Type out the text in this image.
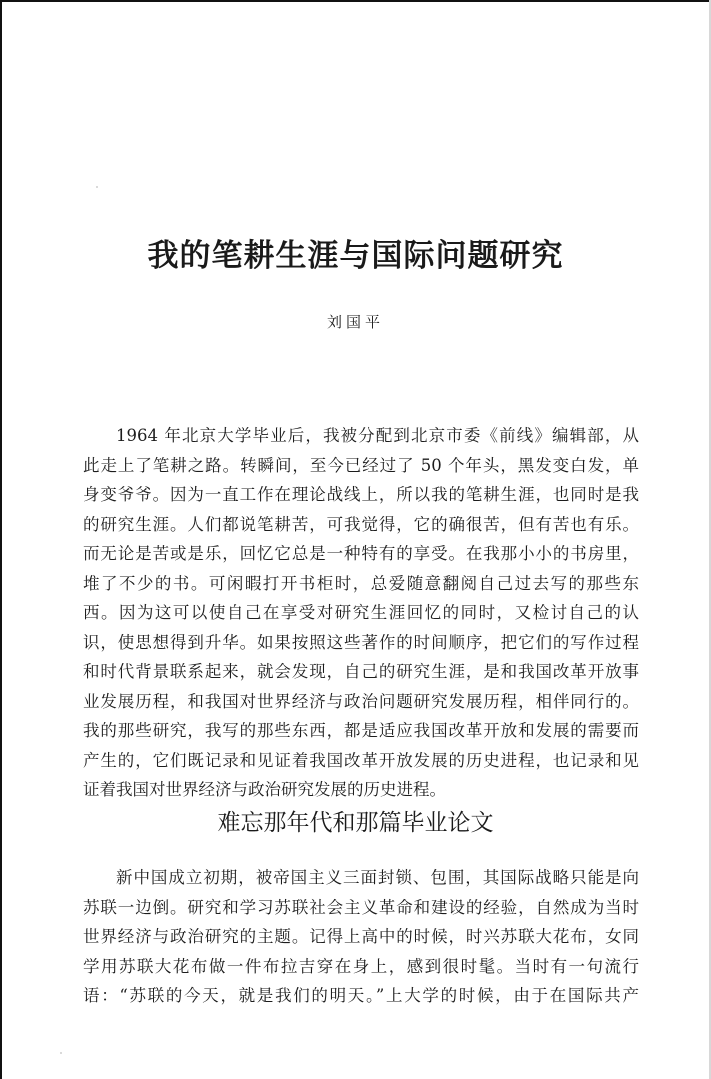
我的笔耕生涯与国际问题研究
刘国平
1964 年北京大学毕业后，我被分配到北京市委《前线》编辑部，从
此走上了笔耕之路。转瞬间，至今已经过了 50 个年头，黑发变白发，单
身变爷爷。因为一直工作在理论战线上，所以我的笔耕生涯，也同时是我
的研究生涯。人们都说笔耕苦，可我觉得，它的确很苦，但有苦也有乐。
而无论是苦或是乐，回忆它总是一种特有的享受。在我那小小的书房里，
堆了不少的书。可闲暇打开书柜时，总爱随意翻阅自己过去写的那些东
西。因为这可以使自己在享受对研究生涯回忆的同时，又检讨自己的认
识，使思想得到升华。如果按照这些著作的时间顺序，把它们的写作过程
和时代背景联系起来，就会发现，自己的研究生涯，是和我国改革开放事
业发展历程，和我国对世界经济与政治问题研究发展历程，相伴同行的。
我的那些研究，我写的那些东西，都是适应我国改革开放和发展的需要而
产生的，它们既记录和见证着我国改革开放发展的历史进程，也记录和见
证着我国对世界经济与政治研究发展的历史进程。
难忘那年代和那篇毕业论文
新中国成立初期，被帝国主义三面封锁、包围，其国际战略只能是向
苏联一边倒。研究和学习苏联社会主义革命和建设的经验，自然成为当时
世界经济与政治研究的主题。记得上高中的时候，时兴苏联大花布，女同
学用苏联大花布做一件布拉吉穿在身上，感到很时髦。当时有一句流行
语：“苏联的今天，就是我们的明天。”上大学的时候，由于在国际共产
